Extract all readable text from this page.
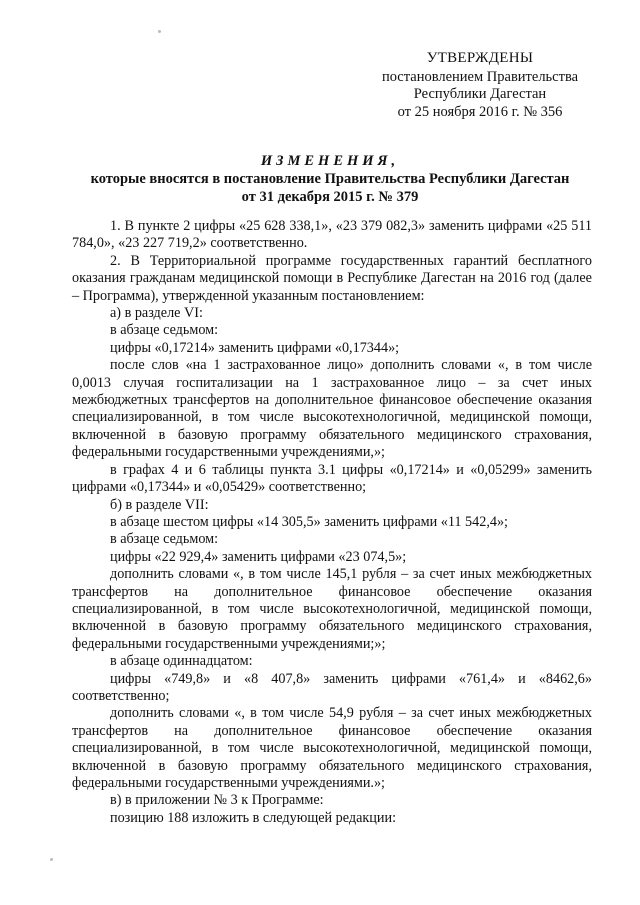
УТВЕРЖДЕНЫ
постановлением Правительства
Республики Дагестан
от 25 ноября 2016 г. № 356
ИЗМЕНЕНИЯ,
которые вносятся в постановление Правительства Республики Дагестан
от 31 декабря 2015 г. № 379

1. В пункте 2 цифры «25 628 338,1», «23 379 082,3» заменить цифрами «25 511 784,0», «23 227 719,2» соответственно.

2. В Территориальной программе государственных гарантий бесплатного оказания гражданам медицинской помощи в Республике Дагестан на 2016 год (далее – Программа), утвержденной указанным постановлением:

а) в разделе VI:

в абзаце седьмом:

цифры «0,17214» заменить цифрами «0,17344»;

после слов «на 1 застрахованное лицо» дополнить словами «, в том числе 0,0013 случая госпитализации на 1 застрахованное лицо – за счет иных межбюджетных трансфертов на дополнительное финансовое обеспечение оказания специализированной, в том числе высокотехнологичной, медицинской помощи, включенной в базовую программу обязательного медицинского страхования, федеральными государственными учреждениями,»;

в графах 4 и 6 таблицы пункта 3.1 цифры «0,17214» и «0,05299» заменить цифрами «0,17344» и «0,05429» соответственно;

б) в разделе VII:

в абзаце шестом цифры «14 305,5» заменить цифрами «11 542,4»;

в абзаце седьмом:

цифры «22 929,4» заменить цифрами «23 074,5»;

дополнить словами «, в том числе 145,1 рубля – за счет иных межбюджетных трансфертов на дополнительное финансовое обеспечение оказания специализированной, в том числе высокотехнологичной, медицинской помощи, включенной в базовую программу обязательного медицинского страхования, федеральными государственными учреждениями;»;

в абзаце одиннадцатом:

цифры «749,8» и «8 407,8» заменить цифрами «761,4» и «8462,6» соответственно;

дополнить словами «, в том числе 54,9 рубля – за счет иных межбюджетных трансфертов на дополнительное финансовое обеспечение оказания специализированной, в том числе высокотехнологичной, медицинской помощи, включенной в базовую программу обязательного медицинского страхования, федеральными государственными учреждениями.»;

в) в приложении № 3 к Программе:

позицию 188 изложить в следующей редакции:
